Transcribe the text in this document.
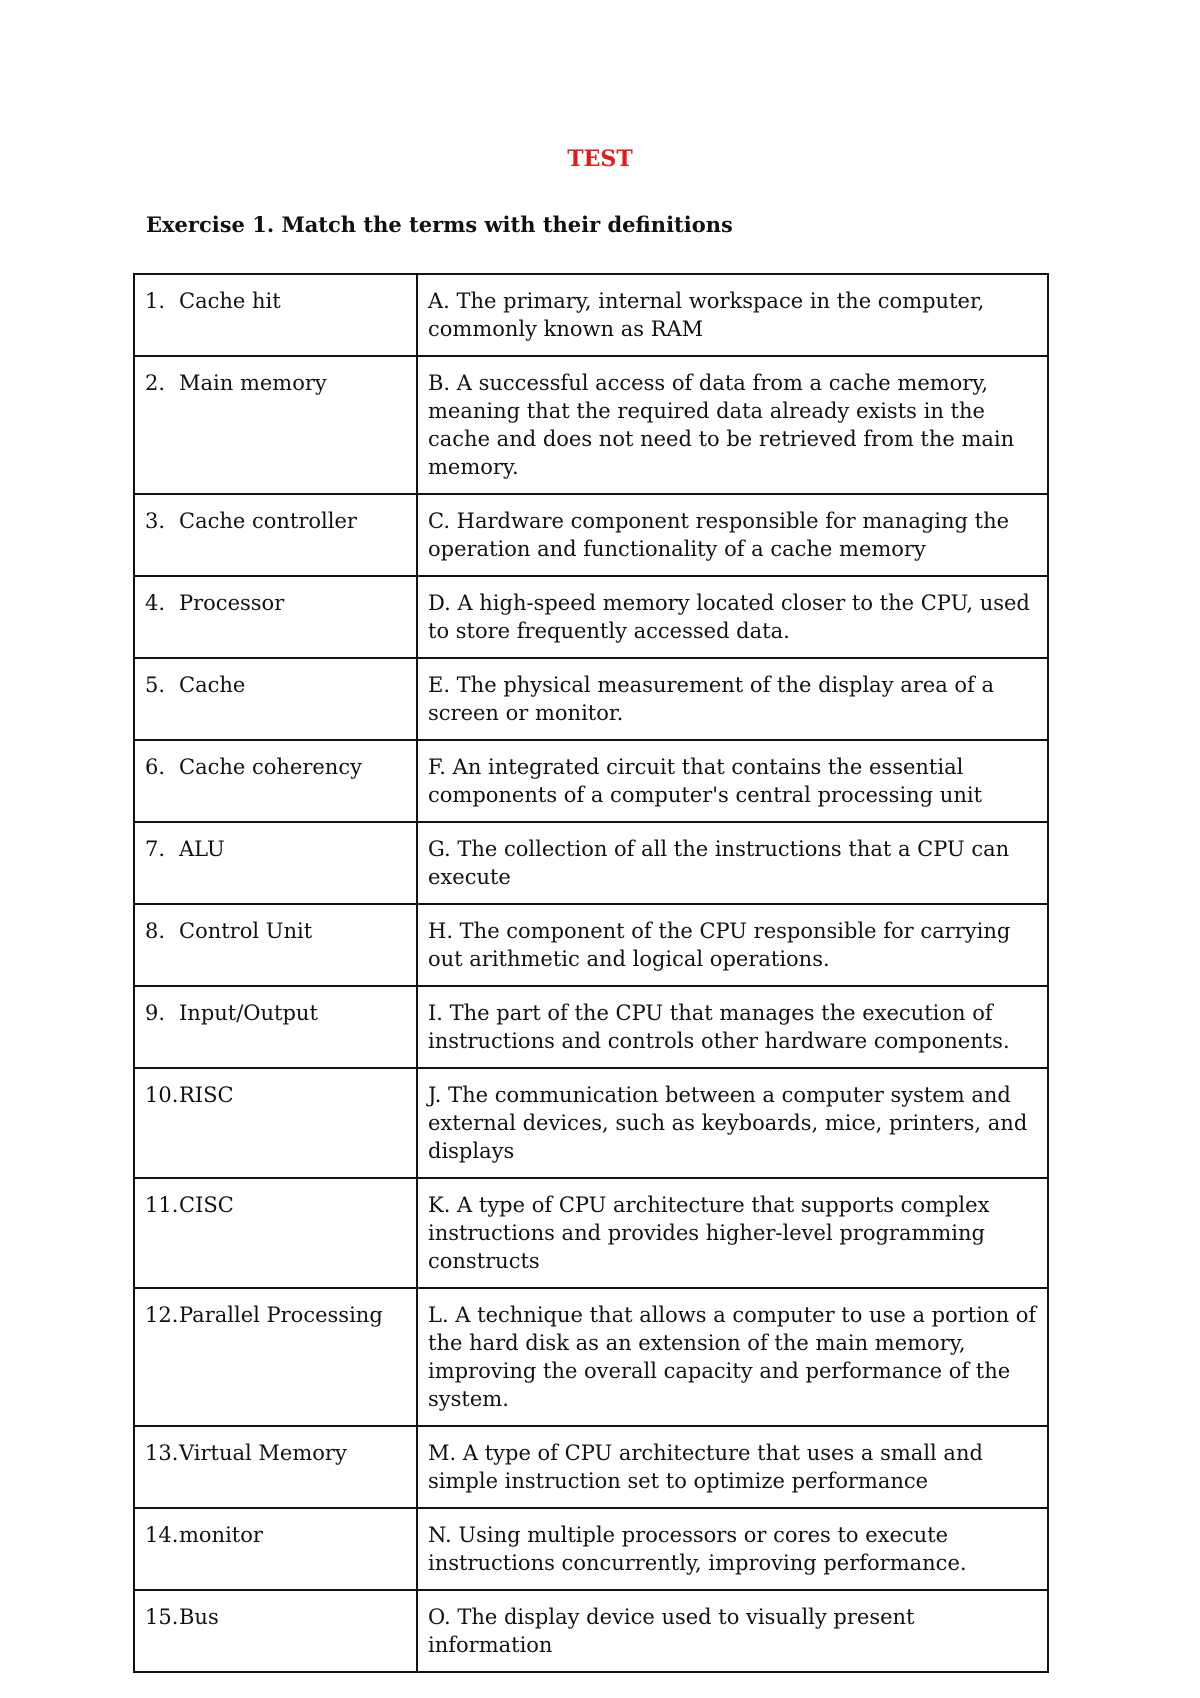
TEST
Exercise 1. Match the terms with their definitions
1. Cache hit	A. The primary, internal workspace in the computer, commonly known as RAM
2. Main memory	B. A successful access of data from a cache memory, meaning that the required data already exists in the cache and does not need to be retrieved from the main memory.
3. Cache controller	C. Hardware component responsible for managing the operation and functionality of a cache memory
4. Processor	D. A high-speed memory located closer to the CPU, used to store frequently accessed data.
5. Cache	E. The physical measurement of the display area of a screen or monitor.
6. Cache coherency	F. An integrated circuit that contains the essential components of a computer's central processing unit
7. ALU	G. The collection of all the instructions that a CPU can execute
8. Control Unit	H. The component of the CPU responsible for carrying out arithmetic and logical operations.
9. Input/Output	I. The part of the CPU that manages the execution of instructions and controls other hardware components.
10.RISC	J. The communication between a computer system and external devices, such as keyboards, mice, printers, and displays
11.CISC	K. A type of CPU architecture that supports complex instructions and provides higher-level programming constructs
12.Parallel Processing	L. A technique that allows a computer to use a portion of the hard disk as an extension of the main memory, improving the overall capacity and performance of the system.
13.Virtual Memory	M. A type of CPU architecture that uses a small and simple instruction set to optimize performance
14.monitor	N. Using multiple processors or cores to execute instructions concurrently, improving performance.
15.Bus	O. The display device used to visually present information
